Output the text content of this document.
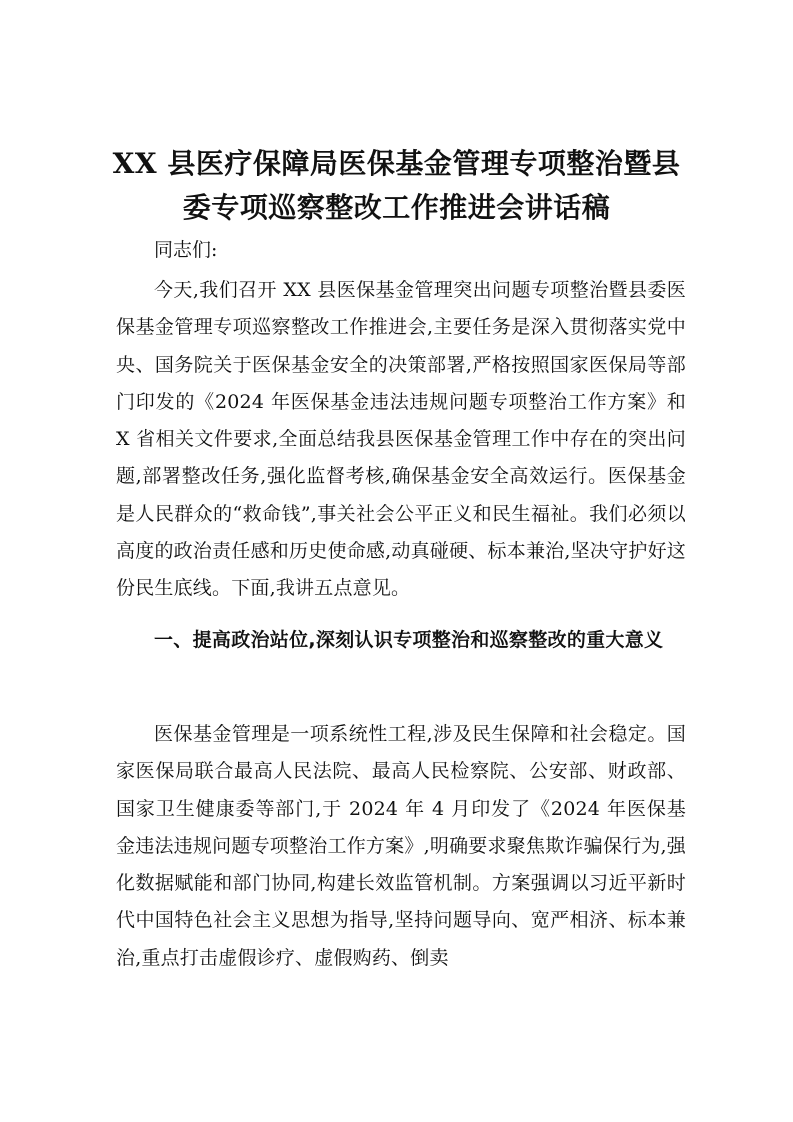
XX 县医疗保障局医保基金管理专项整治暨县
委专项巡察整改工作推进会讲话稿

同志们:

今天,我们召开 XX 县医保基金管理突出问题专项整治暨县委医保基金管理专项巡察整改工作推进会,主要任务是深入贯彻落实党中央、国务院关于医保基金安全的决策部署,严格按照国家医保局等部门印发的《2024 年医保基金违法违规问题专项整治工作方案》和 X 省相关文件要求,全面总结我县医保基金管理工作中存在的突出问题,部署整改任务,强化监督考核,确保基金安全高效运行。医保基金是人民群众的“救命钱”,事关社会公平正义和民生福祉。我们必须以高度的政治责任感和历史使命感,动真碰硬、标本兼治,坚决守护好这份民生底线。下面,我讲五点意见。

一、提高政治站位,深刻认识专项整治和巡察整改的重大意义

医保基金管理是一项系统性工程,涉及民生保障和社会稳定。国家医保局联合最高人民法院、最高人民检察院、公安部、财政部、国家卫生健康委等部门,于 2024 年 4 月印发了《2024 年医保基金违法违规问题专项整治工作方案》,明确要求聚焦欺诈骗保行为,强化数据赋能和部门协同,构建长效监管机制。方案强调以习近平新时代中国特色社会主义思想为指导,坚持问题导向、宽严相济、标本兼治,重点打击虚假诊疗、虚假购药、倒卖
